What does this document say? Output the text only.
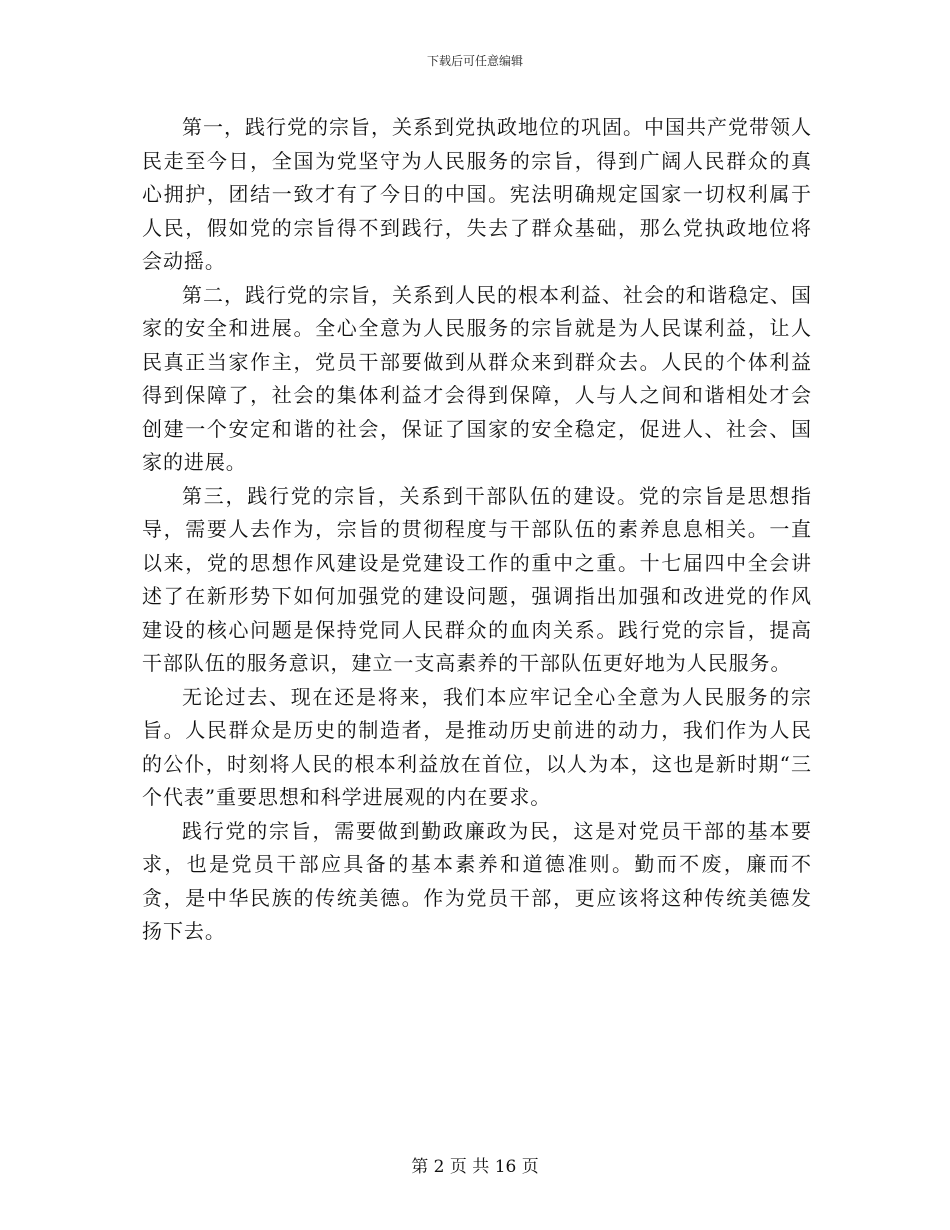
下载后可任意编辑

第一，践行党的宗旨，关系到党执政地位的巩固。中国共产党带领人民走至今日，全国为党坚守为人民服务的宗旨，得到广阔人民群众的真心拥护，团结一致才有了今日的中国。宪法明确规定国家一切权利属于人民，假如党的宗旨得不到践行，失去了群众基础，那么党执政地位将会动摇。

第二，践行党的宗旨，关系到人民的根本利益、社会的和谐稳定、国家的安全和进展。全心全意为人民服务的宗旨就是为人民谋利益，让人民真正当家作主，党员干部要做到从群众来到群众去。人民的个体利益得到保障了，社会的集体利益才会得到保障，人与人之间和谐相处才会创建一个安定和谐的社会，保证了国家的安全稳定，促进人、社会、国家的进展。

第三，践行党的宗旨，关系到干部队伍的建设。党的宗旨是思想指导，需要人去作为，宗旨的贯彻程度与干部队伍的素养息息相关。一直以来，党的思想作风建设是党建设工作的重中之重。十七届四中全会讲述了在新形势下如何加强党的建设问题，强调指出加强和改进党的作风建设的核心问题是保持党同人民群众的血肉关系。践行党的宗旨，提高干部队伍的服务意识，建立一支高素养的干部队伍更好地为人民服务。

无论过去、现在还是将来，我们本应牢记全心全意为人民服务的宗旨。人民群众是历史的制造者，是推动历史前进的动力，我们作为人民的公仆，时刻将人民的根本利益放在首位，以人为本，这也是新时期“三个代表”重要思想和科学进展观的内在要求。

践行党的宗旨，需要做到勤政廉政为民，这是对党员干部的基本要求，也是党员干部应具备的基本素养和道德准则。勤而不废，廉而不贪，是中华民族的传统美德。作为党员干部，更应该将这种传统美德发扬下去。

第 2 页 共 16 页
